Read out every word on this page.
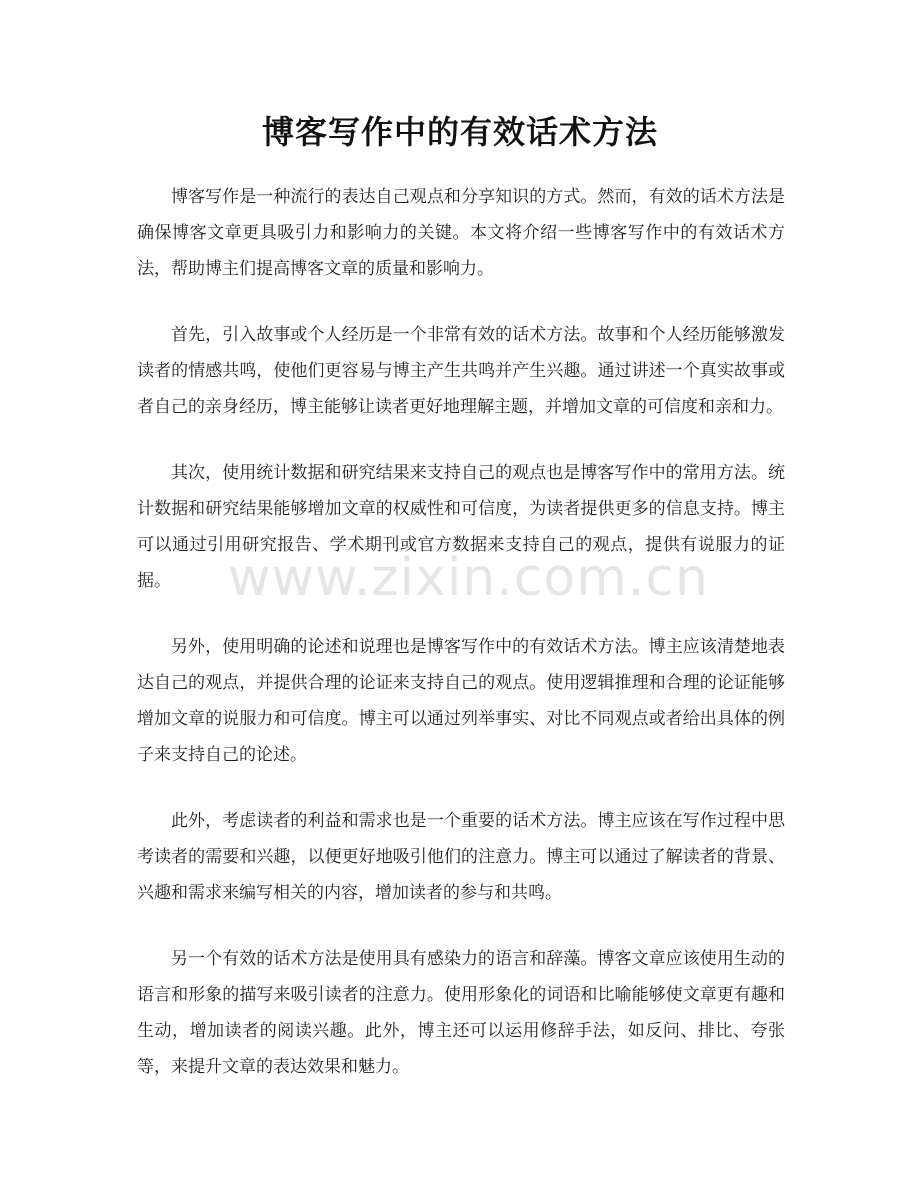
博客写作中的有效话术方法

博客写作是一种流行的表达自己观点和分享知识的方式。然而，有效的话术方法是确保博客文章更具吸引力和影响力的关键。本文将介绍一些博客写作中的有效话术方法，帮助博主们提高博客文章的质量和影响力。

首先，引入故事或个人经历是一个非常有效的话术方法。故事和个人经历能够激发读者的情感共鸣，使他们更容易与博主产生共鸣并产生兴趣。通过讲述一个真实故事或者自己的亲身经历，博主能够让读者更好地理解主题，并增加文章的可信度和亲和力。

其次，使用统计数据和研究结果来支持自己的观点也是博客写作中的常用方法。统计数据和研究结果能够增加文章的权威性和可信度，为读者提供更多的信息支持。博主可以通过引用研究报告、学术期刊或官方数据来支持自己的观点，提供有说服力的证据。

另外，使用明确的论述和说理也是博客写作中的有效话术方法。博主应该清楚地表达自己的观点，并提供合理的论证来支持自己的观点。使用逻辑推理和合理的论证能够增加文章的说服力和可信度。博主可以通过列举事实、对比不同观点或者给出具体的例子来支持自己的论述。

此外，考虑读者的利益和需求也是一个重要的话术方法。博主应该在写作过程中思考读者的需要和兴趣，以便更好地吸引他们的注意力。博主可以通过了解读者的背景、兴趣和需求来编写相关的内容，增加读者的参与和共鸣。

另一个有效的话术方法是使用具有感染力的语言和辞藻。博客文章应该使用生动的语言和形象的描写来吸引读者的注意力。使用形象化的词语和比喻能够使文章更有趣和生动，增加读者的阅读兴趣。此外，博主还可以运用修辞手法，如反问、排比、夸张等，来提升文章的表达效果和魅力。

www.zixin.com.cn
